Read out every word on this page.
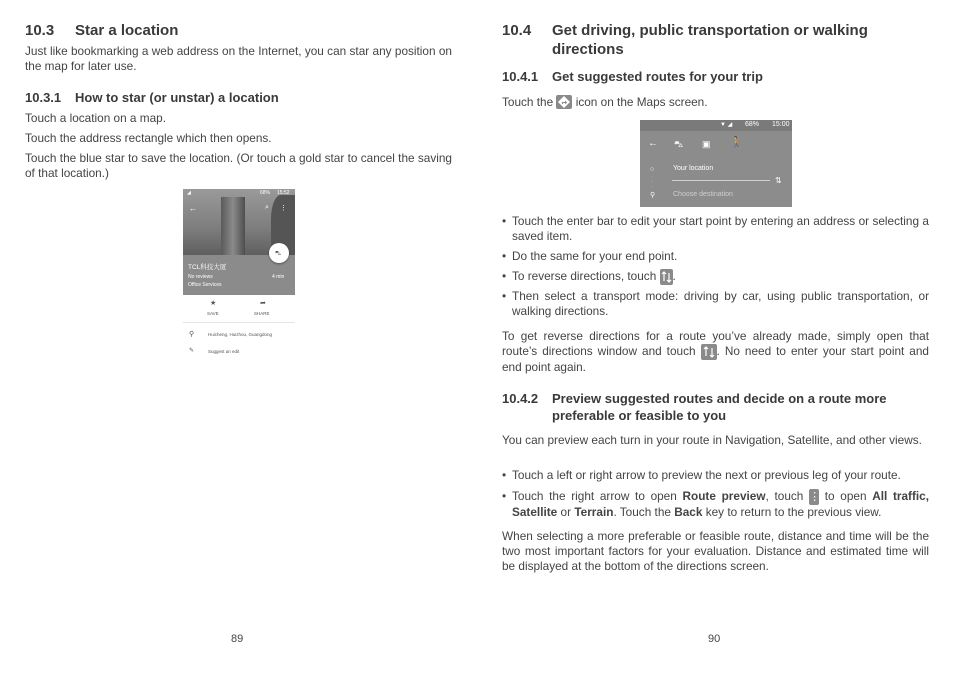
10.3 Star a location
Just like bookmarking a web address on the Internet, you can star any position on the map for later use.
10.3.1 How to star (or unstar) a location
Touch a location on a map.
Touch the address rectangle which then opens.
Touch the blue star to save the location. (Or touch a gold star to cancel the saving of that location.)
◢	68% 15:52
←	⌕ ⋮
⛍
TCL科技大厦
No reviews	4 min
Office Services
★	➦
SAVE	SHARE
⚲	Huicheng, Huizhou, Guangdong
✎	Suggest an edit
89
10.4 Get driving, public transportation or walking
directions
10.4.1 Get suggested routes for your trip
Touch the icon on the Maps screen.
▼ ◢ 68% 15:00
← ⛍ ▣ 🚶
○	Your location
⇅
·
·
·
⚲	Choose destination
• Touch the enter bar to edit your start point by entering an address or selecting a saved item.
• Do the same for your end point.
• To reverse directions, touch .
• Then select a transport mode: driving by car, using public transportation, or walking directions.
To get reverse directions for a route you’ve already made, simply open that route’s directions window and touch . No need to enter your start point and end point again.
10.4.2 Preview suggested routes and decide on a route more
preferable or feasible to you
You can preview each turn in your route in Navigation, Satellite, and other views.
• Touch a left or right arrow to preview the next or previous leg of your route.
• Touch the right arrow to open Route preview, touch ⋮ to open All traffic, Satellite or Terrain. Touch the Back key to return to the previous view.
When selecting a more preferable or feasible route, distance and time will be the two most important factors for your evaluation. Distance and estimated time will be displayed at the bottom of the directions screen.
90
